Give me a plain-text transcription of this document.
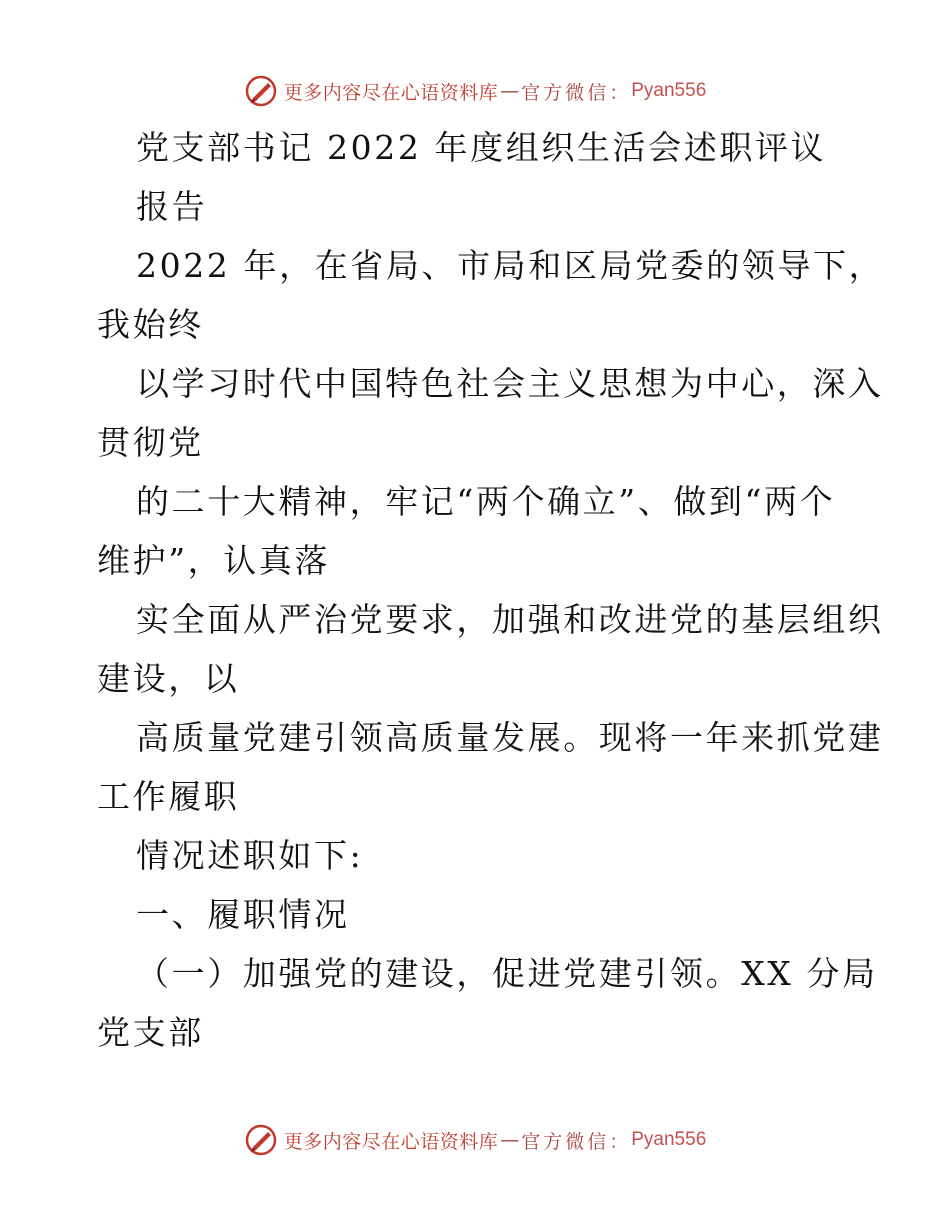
更多内容尽在心语资料库 — 官方微信： Pyan556
党支部书记 2022 年度组织生活会述职评议
报告
2022 年，在省局、市局和区局党委的领导下，
我始终
以学习时代中国特色社会主义思想为中心，深入
贯彻党
的二十大精神，牢记“两个确立”、做到“两个
维护”，认真落
实全面从严治党要求，加强和改进党的基层组织
建设，以
高质量党建引领高质量发展。现将一年来抓党建
工作履职
情况述职如下:
一、履职情况
（一）加强党的建设，促进党建引领。XX 分局
党支部
更多内容尽在心语资料库 — 官方微信： Pyan556
